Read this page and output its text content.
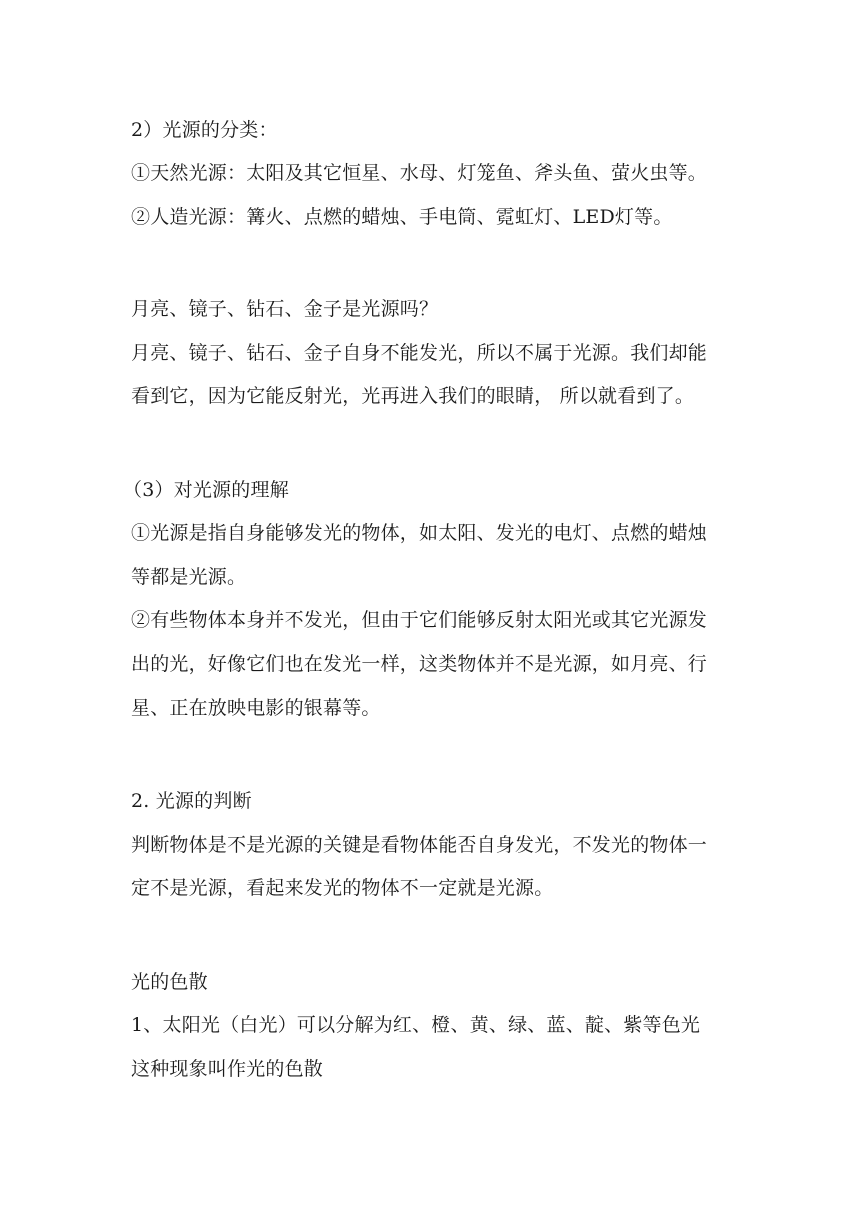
2）光源的分类：
①天然光源：太阳及其它恒星、水母、灯笼鱼、斧头鱼、萤火虫等。
②人造光源：篝火、点燃的蜡烛、手电筒、霓虹灯、LED灯等。
月亮、镜子、钻石、金子是光源吗？
月亮、镜子、钻石、金子自身不能发光，所以不属于光源。我们却能
看到它，因为它能反射光，光再进入我们的眼睛， 所以就看到了。
（3）对光源的理解
①光源是指自身能够发光的物体，如太阳、发光的电灯、点燃的蜡烛
等都是光源。
②有些物体本身并不发光，但由于它们能够反射太阳光或其它光源发
出的光，好像它们也在发光一样，这类物体并不是光源，如月亮、行
星、正在放映电影的银幕等。
2. 光源的判断
判断物体是不是光源的关键是看物体能否自身发光，不发光的物体一
定不是光源，看起来发光的物体不一定就是光源。
光的色散
1、太阳光（白光）可以分解为红、橙、黄、绿、蓝、靛、紫等色光
这种现象叫作光的色散
